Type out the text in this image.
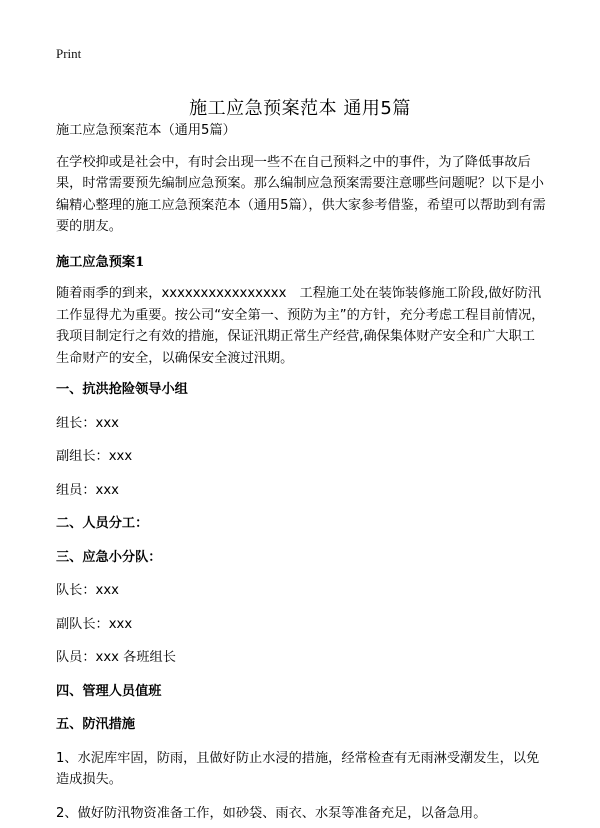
Print
施工应急预案范本 通用5篇

施工应急预案范本（通用5篇）

在学校抑或是社会中，有时会出现一些不在自己预料之中的事件，为了降低事故后果，时常需要预先编制应急预案。那么编制应急预案需要注意哪些问题呢？以下是小编精心整理的施工应急预案范本（通用5篇），供大家参考借鉴，希望可以帮助到有需要的朋友。

施工应急预案1

随着雨季的到来，xxxxxxxxxxxxxxxx　工程施工处在装饰装修施工阶段,做好防汛工作显得尤为重要。按公司“安全第一、预防为主”的方针，充分考虑工程目前情况，我项目制定行之有效的措施，保证汛期正常生产经营,确保集体财产安全和广大职工生命财产的安全，以确保安全渡过汛期。

一、抗洪抢险领导小组

组长：xxx

副组长：xxx

组员：xxx

二、人员分工：

三、应急小分队：

队长：xxx

副队长：xxx

队员：xxx 各班组长

四、管理人员值班

五、防汛措施

1、水泥库牢固，防雨，且做好防止水浸的措施，经常检查有无雨淋受潮发生，以免造成损失。

2、做好防汛物资准备工作，如砂袋、雨衣、水泵等准备充足，以备急用。
